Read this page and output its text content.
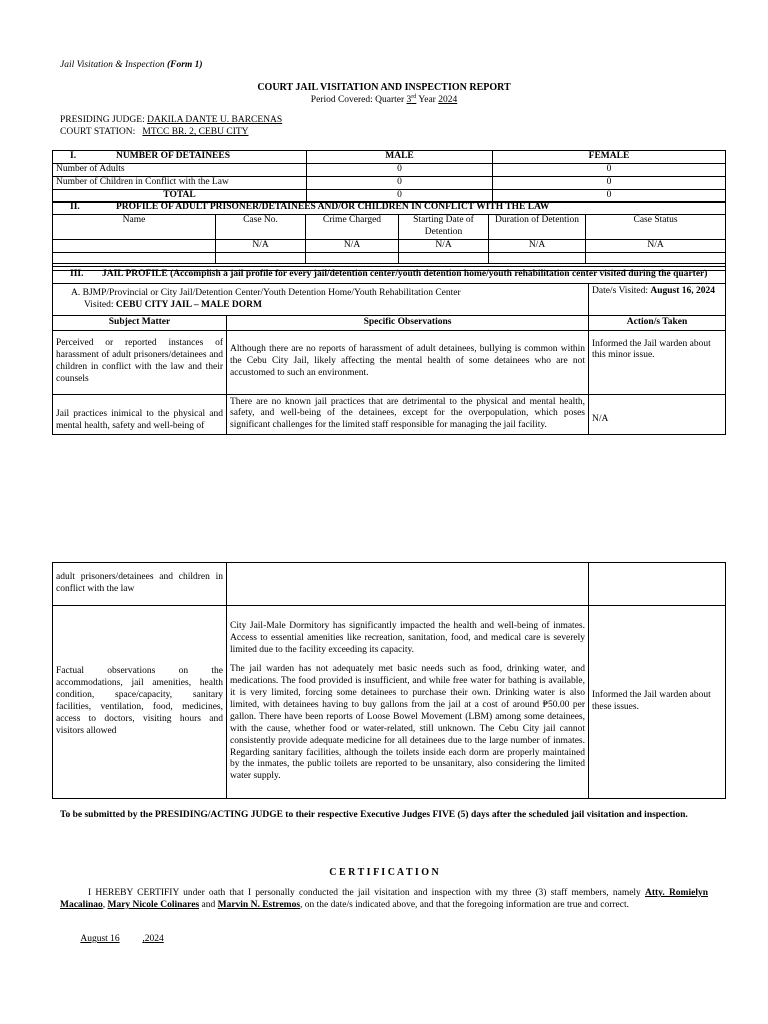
Jail Visitation & Inspection (Form 1)
COURT JAIL VISITATION AND INSPECTION REPORT
Period Covered: Quarter 3rd Year 2024
PRESIDING JUDGE: DAKILA DANTE U. BARCENAS
COURT STATION: MTCC BR. 2, CEBU CITY
I. NUMBER OF DETAINEES	MALE	FEMALE
Number of Adults	0	0
Number of Children in Conflict with the Law	0	0
TOTAL	0	0
II. PROFILE OF ADULT PRISONER/DETAINEES AND/OR CHILDREN IN CONFLICT WITH THE LAW					
Name	Case No.	Crime Charged	Starting Date of Detention	Duration of Detention	Case Status
	N/A	N/A	N/A	N/A	N/A

III. JAIL PROFILE (Accomplish a jail profile for every jail/detention center/youth detention home/youth rehabilitation center visited during the quarter)		

A. BJMP/Provincial or City Jail/Detention Center/Youth Detention Home/Youth Rehabilitation Center
Visited: CEBU CITY JAIL – MALE DORM		Date/s Visited: August 16, 2024
Subject Matter	Specific Observations	Action/s Taken
Perceived or reported instances of harassment of adult prisoners/detainees and children in conflict with the law and their counsels	Although there are no reports of harassment of adult detainees, bullying is common within the Cebu City Jail, likely affecting the mental health of some detainees who are not accustomed to such an environment.	Informed the Jail warden about this minor issue.
Jail practices inimical to the physical and mental health, safety and well-being of	There are no known jail practices that are detrimental to the physical and mental health, safety, and well-being of the detainees, except for the overpopulation, which poses significant challenges for the limited staff responsible for managing the jail facility.	N/A
adult prisoners/detainees and children in conflict with the law		
Factual observations on the accommodations, jail amenities, health condition, space/capacity, sanitary facilities, ventilation, food, medicines, access to doctors, visiting hours and visitors allowed	City Jail-Male Dormitory has significantly impacted the health and well-being of inmates. Access to essential amenities like recreation, sanitation, food, and medical care is severely limited due to the facility exceeding its capacity.
The jail warden has not adequately met basic needs such as food, drinking water, and medications. The food provided is insufficient, and while free water for bathing is available, it is very limited, forcing some detainees to purchase their own. Drinking water is also limited, with detainees having to buy gallons from the jail at a cost of around ₱50.00 per gallon. There have been reports of Loose Bowel Movement (LBM) among some detainees, with the cause, whether food or water-related, still unknown. The Cebu City jail cannot consistently provide adequate medicine for all detainees due to the large number of inmates. Regarding sanitary facilities, although the toilets inside each dorm are properly maintained by the inmates, the public toilets are reported to be unsanitary, also considering the limited water supply.	Informed the Jail warden about these issues.
To be submitted by the PRESIDING/ACTING JUDGE to their respective Executive Judges FIVE (5) days after the scheduled jail visitation and inspection.
C E R T I F I C A T I O N
I HEREBY CERTIFIY under oath that I personally conducted the jail visitation and inspection with my three (3) staff members, namely Atty. Romielyn Macalinao, Mary Nicole Colinares and Marvin N. Estremos, on the date/s indicated above, and that the foregoing information are true and correct.
August 16 ,2024
